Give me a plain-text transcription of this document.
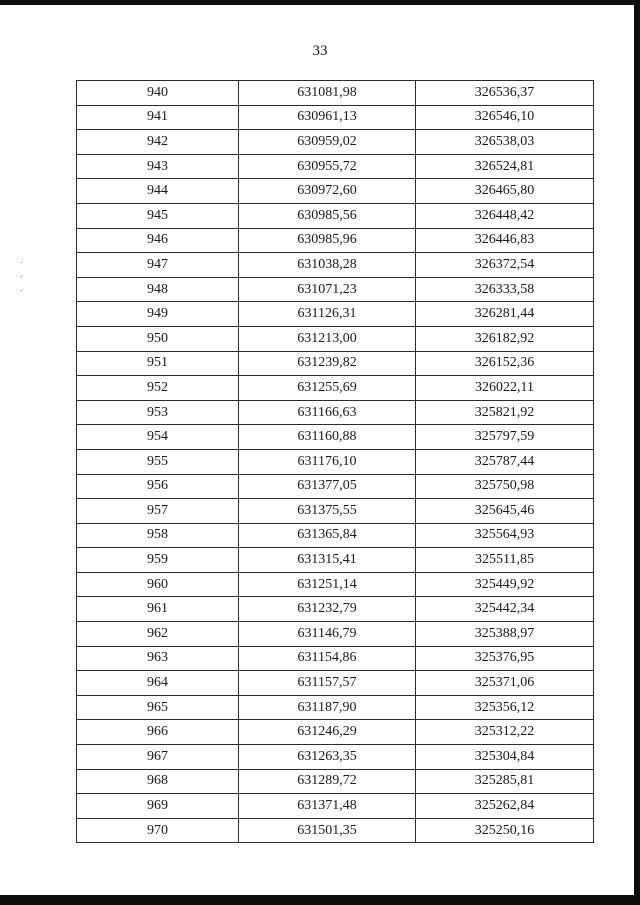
33
940	631081,98	326536,37
941	630961,13	326546,10
942	630959,02	326538,03
943	630955,72	326524,81
944	630972,60	326465,80
945	630985,56	326448,42
946	630985,96	326446,83
947	631038,28	326372,54
948	631071,23	326333,58
949	631126,31	326281,44
950	631213,00	326182,92
951	631239,82	326152,36
952	631255,69	326022,11
953	631166,63	325821,92
954	631160,88	325797,59
955	631176,10	325787,44
956	631377,05	325750,98
957	631375,55	325645,46
958	631365,84	325564,93
959	631315,41	325511,85
960	631251,14	325449,92
961	631232,79	325442,34
962	631146,79	325388,97
963	631154,86	325376,95
964	631157,57	325371,06
965	631187,90	325356,12
966	631246,29	325312,22
967	631263,35	325304,84
968	631289,72	325285,81
969	631371,48	325262,84
970	631501,35	325250,16
